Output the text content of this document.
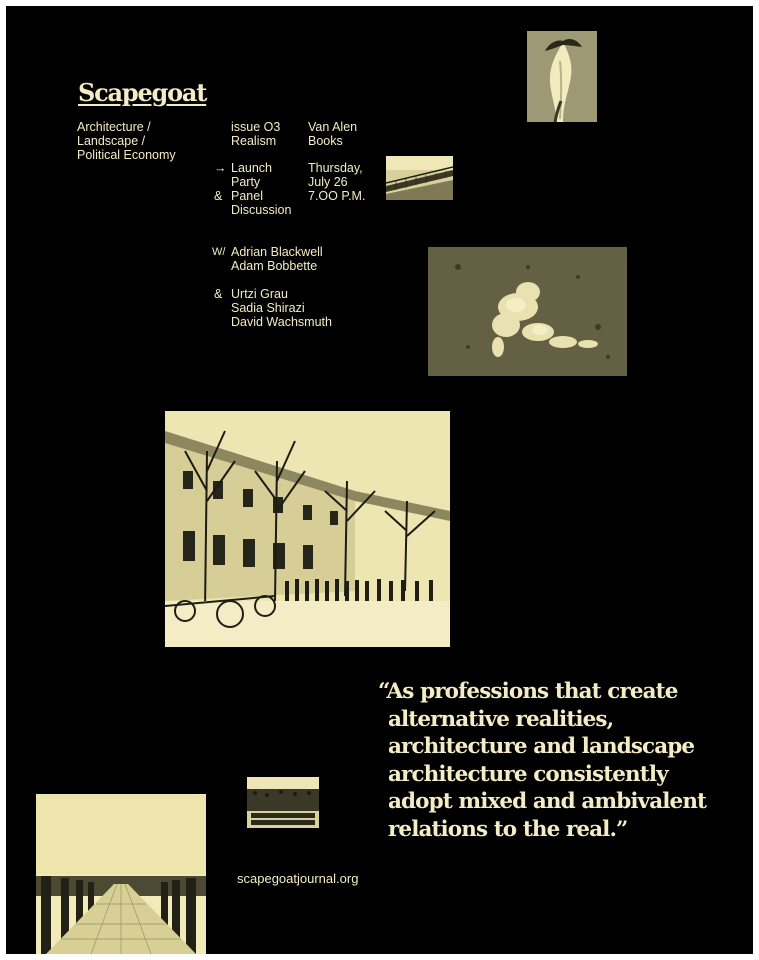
Scapegoat
Architecture /
Landscape /
Political Economy
issue O3
Realism
Van Alen
Books
→
&
Launch
Party
Panel
Discussion
Thursday,
July 26
7.OO P.M.
W/ Adrian Blackwell
Adam Bobbette
& Urtzi Grau
Sadia Shirazi
David Wachsmuth
“As professions that create
alternative realities,
architecture and landscape
architecture consistently
adopt mixed and ambivalent
relations to the real.”
scapegoatjournal.org
